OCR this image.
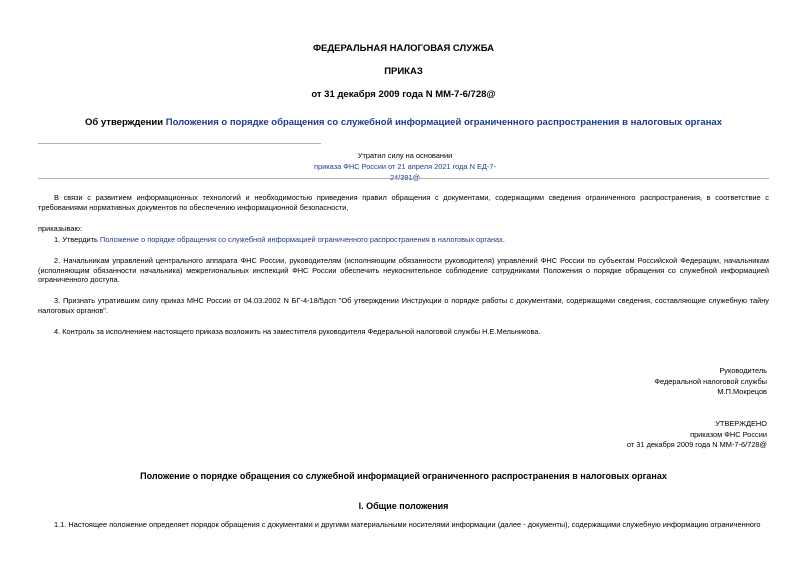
ФЕДЕРАЛЬНАЯ НАЛОГОВАЯ СЛУЖБА

ПРИКАЗ

от 31 декабря 2009 года N ММ-7-6/728@

Об утверждении Положения о порядке обращения со служебной информацией ограниченного распространения в налоговых органах

Утратил силу на основании
приказа ФНС России от 21 апреля 2021 года N ЕД-7-24/391@

В связи с развитием информационных технологий и необходимостью приведения правил обращения с документами, содержащими сведения ограниченного распространения, в соответствие с требованиями нормативных документов по обеспечению информационной безопасности,

приказываю:

1. Утвердить Положение о порядке обращения со служебной информацией ограниченного распространения в налоговых органах.

2. Начальникам управлений центрального аппарата ФНС России, руководителям (исполняющим обязанности руководителя) управлений ФНС России по субъектам Российской Федерации, начальникам (исполняющим обязанности начальника) межрегиональных инспекций ФНС России обеспечить неукоснительное соблюдение сотрудниками Положения о порядке обращения со служебной информацией ограниченного доступа.

3. Признать утратившим силу приказ МНС России от 04.03.2002 N БГ-4-18/5дсп "Об утверждении Инструкции о порядке работы с документами, содержащими сведения, составляющие служебную тайну налоговых органов".

4. Контроль за исполнением настоящего приказа возложить на заместителя руководителя Федеральной налоговой службы Н.Е.Мельникова.

Руководитель
Федеральной налоговой службы
М.П.Мокрецов
УТВЕРЖДЕНО
приказом ФНС России
от 31 декабря 2009 года N ММ-7-6/728@

Положение о порядке обращения со служебной информацией ограниченного распространения в налоговых органах

I. Общие положения

1.1. Настоящее положение определяет порядок обращения с документами и другими материальными носителями информации (далее - документы), содержащими служебную информацию ограниченного
